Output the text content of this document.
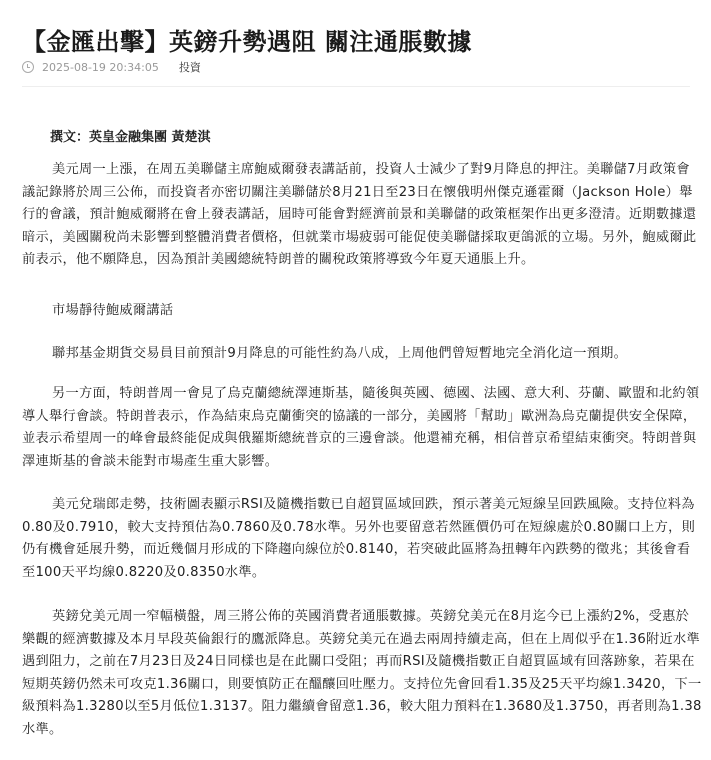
【金匯出擊】英鎊升勢遇阻 關注通脹數據
2025-08-19 20:34:05 投資
撰文：英皇金融集團 黃楚淇

美元周一上漲，在周五美聯儲主席鮑威爾發表講話前，投資人士減少了對9月降息的押注。美聯儲7月政策會議記錄將於周三公佈，而投資者亦密切關注美聯儲於8月21日至23日在懷俄明州傑克遜霍爾（Jackson Hole）舉行的會議，預計鮑威爾將在會上發表講話，屆時可能會對經濟前景和美聯儲的政策框架作出更多澄清。近期數據還暗示，美國關稅尚未影響到整體消費者價格，但就業市場疲弱可能促使美聯儲採取更鴿派的立場。另外，鮑威爾此前表示，他不願降息，因為預計美國總統特朗普的關稅政策將導致今年夏天通脹上升。

市場靜待鮑威爾講話

聯邦基金期貨交易員目前預計9月降息的可能性約為八成，上周他們曾短暫地完全消化這一預期。

另一方面，特朗普周一會見了烏克蘭總統澤連斯基，隨後與英國、德國、法國、意大利、芬蘭、歐盟和北約領導人舉行會談。特朗普表示，作為結束烏克蘭衝突的協議的一部分，美國將「幫助」歐洲為烏克蘭提供安全保障，並表示希望周一的峰會最終能促成與俄羅斯總統普京的三邊會談。他還補充稱，相信普京希望結束衝突。特朗普與澤連斯基的會談未能對市場產生重大影響。

美元兌瑞郎走勢，技術圖表顯示RSI及隨機指數已自超買區域回跌，預示著美元短線呈回跌風險。支持位料為0.80及0.7910，較大支持預估為0.7860及0.78水準。另外也要留意若然匯價仍可在短線處於0.80關口上方，則仍有機會延展升勢，而近幾個月形成的下降趨向線位於0.8140，若突破此區將為扭轉年內跌勢的徵兆；其後會看至100天平均線0.8220及0.8350水準。

英鎊兌美元周一窄幅橫盤，周三將公佈的英國消費者通脹數據。英鎊兌美元在8月迄今已上漲約2%，受惠於樂觀的經濟數據及本月早段英倫銀行的鷹派降息。英鎊兌美元在過去兩周持續走高，但在上周似乎在1.36附近水準遇到阻力，之前在7月23日及24日同樣也是在此關口受阻；再而RSI及隨機指數正自超買區域有回落跡象，若果在短期英鎊仍然未可攻克1.36關口，則要慎防正在醞釀回吐壓力。支持位先會回看1.35及25天平均線1.3420，下一級預料為1.3280以至5月低位1.3137。阻力繼續會留意1.36，較大阻力預料在1.3680及1.3750，再者則為1.38水準。
